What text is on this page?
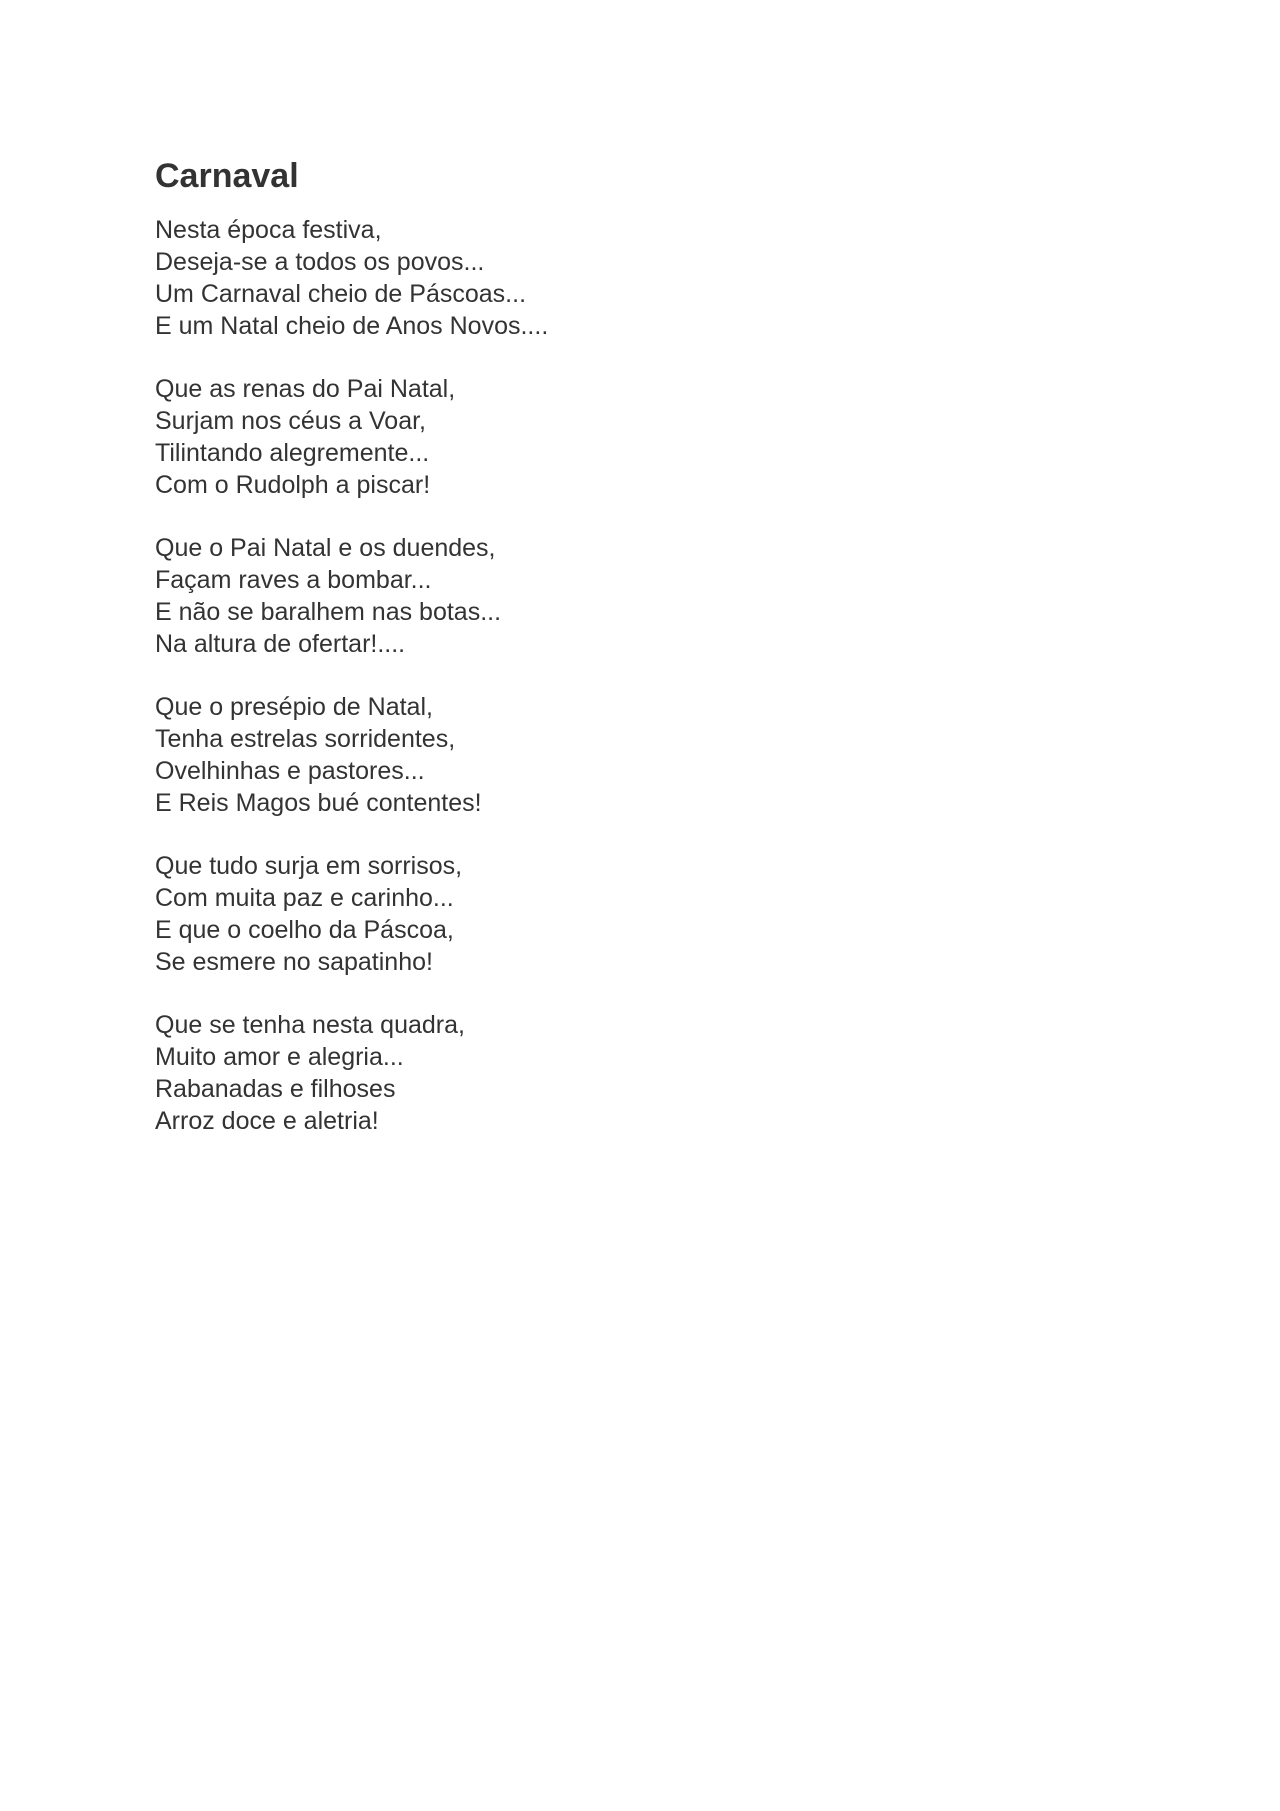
Carnaval
Nesta época festiva,
Deseja-se a todos os povos...
Um Carnaval cheio de Páscoas...
E um Natal cheio de Anos Novos....
Que as renas do Pai Natal,
Surjam nos céus a Voar,
Tilintando alegremente...
Com o Rudolph a piscar!
Que o Pai Natal e os duendes,
Façam raves a bombar...
E não se baralhem nas botas...
Na altura de ofertar!....
Que o presépio de Natal,
Tenha estrelas sorridentes,
Ovelhinhas e pastores...
E Reis Magos bué contentes!
Que tudo surja em sorrisos,
Com muita paz e carinho...
E que o coelho da Páscoa,
Se esmere no sapatinho!
Que se tenha nesta quadra,
Muito amor e alegria...
Rabanadas e filhoses
Arroz doce e aletria!
